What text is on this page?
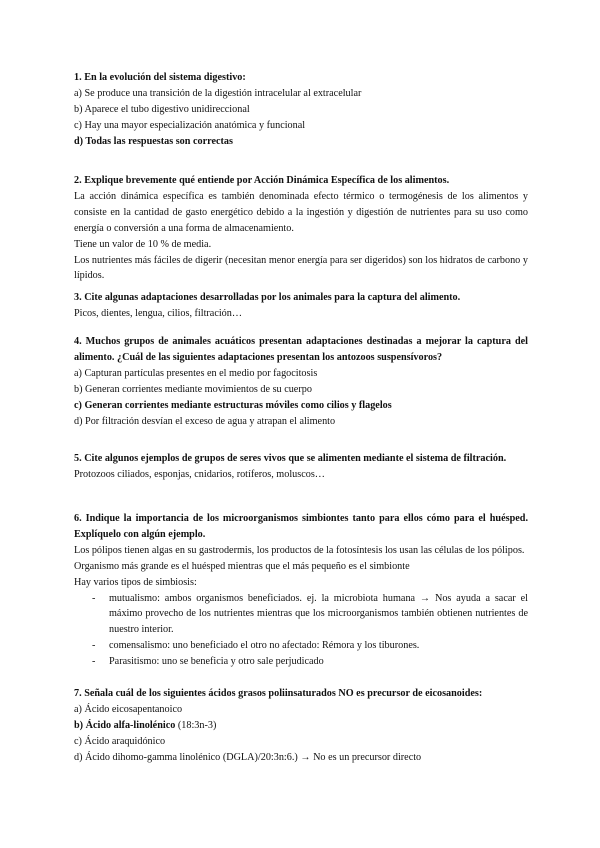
1. En la evolución del sistema digestivo:
a) Se produce una transición de la digestión intracelular al extracelular
b) Aparece el tubo digestivo unidireccional
c) Hay una mayor especialización anatómica y funcional
d) Todas las respuestas son correctas
2. Explique brevemente qué entiende por Acción Dinámica Específica de los alimentos.
La acción dinámica específica es también denominada efecto térmico o termogénesis de los alimentos y consiste en la cantidad de gasto energético debido a la ingestión y digestión de nutrientes para su uso como energía o conversión a una forma de almacenamiento.
Tiene un valor de 10 % de media.
Los nutrientes más fáciles de digerir (necesitan menor energía para ser digeridos) son los hidratos de carbono y lípidos.
3. Cite algunas adaptaciones desarrolladas por los animales para la captura del alimento.
Picos, dientes, lengua, cilios, filtración…
4. Muchos grupos de animales acuáticos presentan adaptaciones destinadas a mejorar la captura del alimento. ¿Cuál de las siguientes adaptaciones presentan los antozoos suspensívoros?
a) Capturan partículas presentes en el medio por fagocitosis
b) Generan corrientes mediante movimientos de su cuerpo
c) Generan corrientes mediante estructuras móviles como cilios y flagelos
d) Por filtración desvían el exceso de agua y atrapan el alimento
5. Cite algunos ejemplos de grupos de seres vivos que se alimenten mediante el sistema de filtración.
Protozoos ciliados, esponjas, cnidarios, rotíferos, moluscos…
6. Indique la importancia de los microorganismos simbiontes tanto para ellos cómo para el huésped. Explíquelo con algún ejemplo.
Los pólipos tienen algas en su gastrodermis, los productos de la fotosíntesis los usan las células de los pólipos.
Organismo más grande es el huésped mientras que el más pequeño es el simbionte
Hay varios tipos de simbiosis:
- mutualismo: ambos organismos beneficiados. ej. la microbiota humana → Nos ayuda a sacar el máximo provecho de los nutrientes mientras que los microorganismos también obtienen nutrientes de nuestro interior.
- comensalismo: uno beneficiado el otro no afectado: Rémora y los tiburones.
- Parasitismo: uno se beneficia y otro sale perjudicado
7. Señala cuál de los siguientes ácidos grasos poliinsaturados NO es precursor de eicosanoides:
a) Ácido eicosapentanoico
b) Ácido alfa-linolénico (18:3n-3)
c) Ácido araquidónico
d) Ácido dihomo-gamma linolénico (DGLA)/20:3n:6.) → No es un precursor directo
